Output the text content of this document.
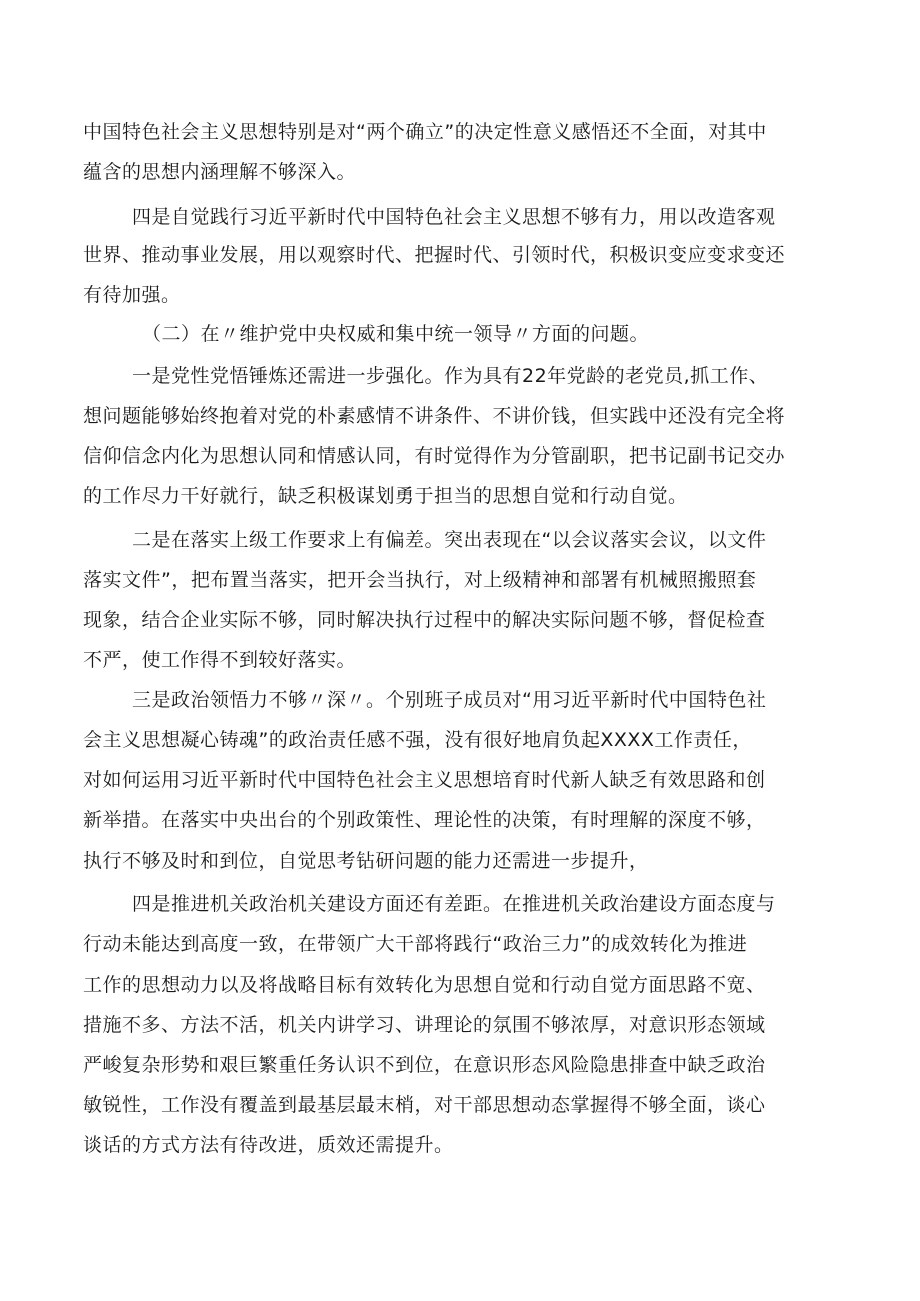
中国特色社会主义思想特别是对“两个确立”的决定性意义感悟还不全面，对其中
蕴含的思想内涵理解不够深入。
四是自觉践行习近平新时代中国特色社会主义思想不够有力，用以改造客观
世界、推动事业发展，用以观察时代、把握时代、引领时代，积极识变应变求变还
有待加强。
（二）在〃维护党中央权威和集中统一领导〃方面的问题。
一是党性党悟锤炼还需进一步强化。作为具有22年党龄的老党员,抓工作、
想问题能够始终抱着对党的朴素感情不讲条件、不讲价钱，但实践中还没有完全将
信仰信念内化为思想认同和情感认同，有时觉得作为分管副职，把书记副书记交办
的工作尽力干好就行，缺乏积极谋划勇于担当的思想自觉和行动自觉。
二是在落实上级工作要求上有偏差。突出表现在“以会议落实会议，以文件
落实文件”，把布置当落实，把开会当执行，对上级精神和部署有机械照搬照套
现象，结合企业实际不够，同时解决执行过程中的解决实际问题不够，督促检查
不严，使工作得不到较好落实。
三是政治领悟力不够〃深〃。个别班子成员对“用习近平新时代中国特色社
会主义思想凝心铸魂”的政治责任感不强，没有很好地肩负起XXXX工作责任，
对如何运用习近平新时代中国特色社会主义思想培育时代新人缺乏有效思路和创
新举措。在落实中央出台的个别政策性、理论性的决策，有时理解的深度不够，
执行不够及时和到位，自觉思考钻研问题的能力还需进一步提升，
四是推进机关政治机关建设方面还有差距。在推进机关政治建设方面态度与
行动未能达到高度一致，在带领广大干部将践行“政治三力”的成效转化为推进
工作的思想动力以及将战略目标有效转化为思想自觉和行动自觉方面思路不宽、
措施不多、方法不活，机关内讲学习、讲理论的氛围不够浓厚，对意识形态领域
严峻复杂形势和艰巨繁重任务认识不到位，在意识形态风险隐患排查中缺乏政治
敏锐性，工作没有覆盖到最基层最末梢，对干部思想动态掌握得不够全面，谈心
谈话的方式方法有待改进，质效还需提升。
